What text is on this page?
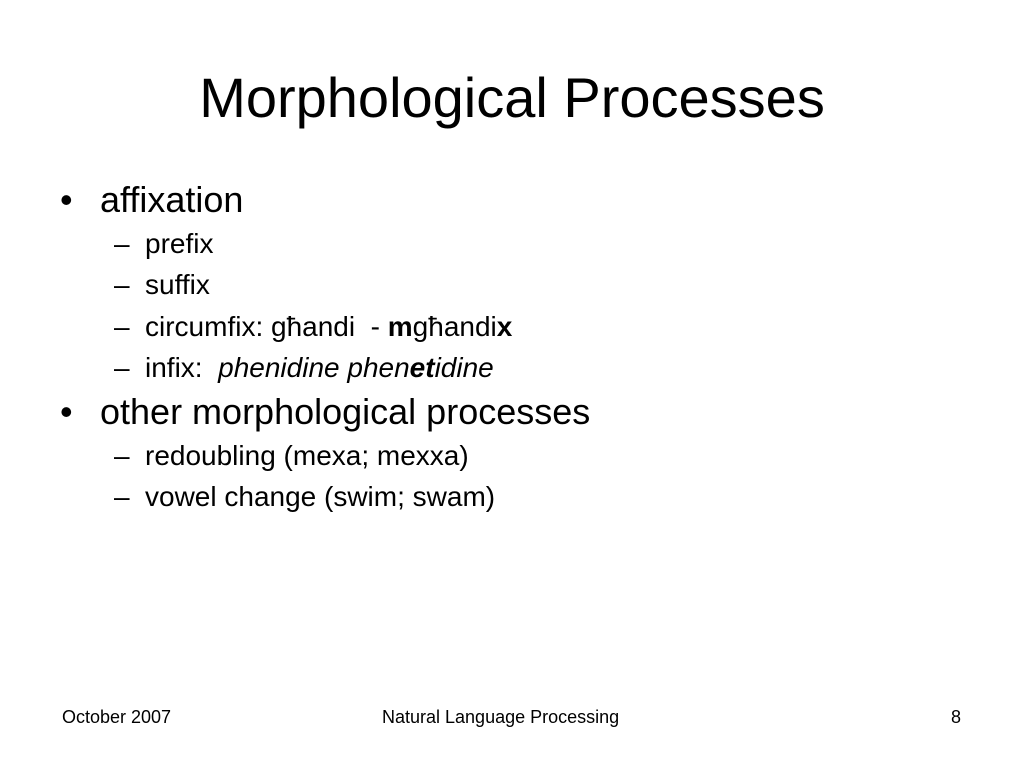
Morphological Processes
• affixation
– prefix
– suffix
– circumfix: għandi  - mgħandix
– infix:  phenidine phenetidine
• other morphological processes
– redoubling (mexa; mexxa)
– vowel change (swim; swam)
October 2007	Natural Language Processing	8
